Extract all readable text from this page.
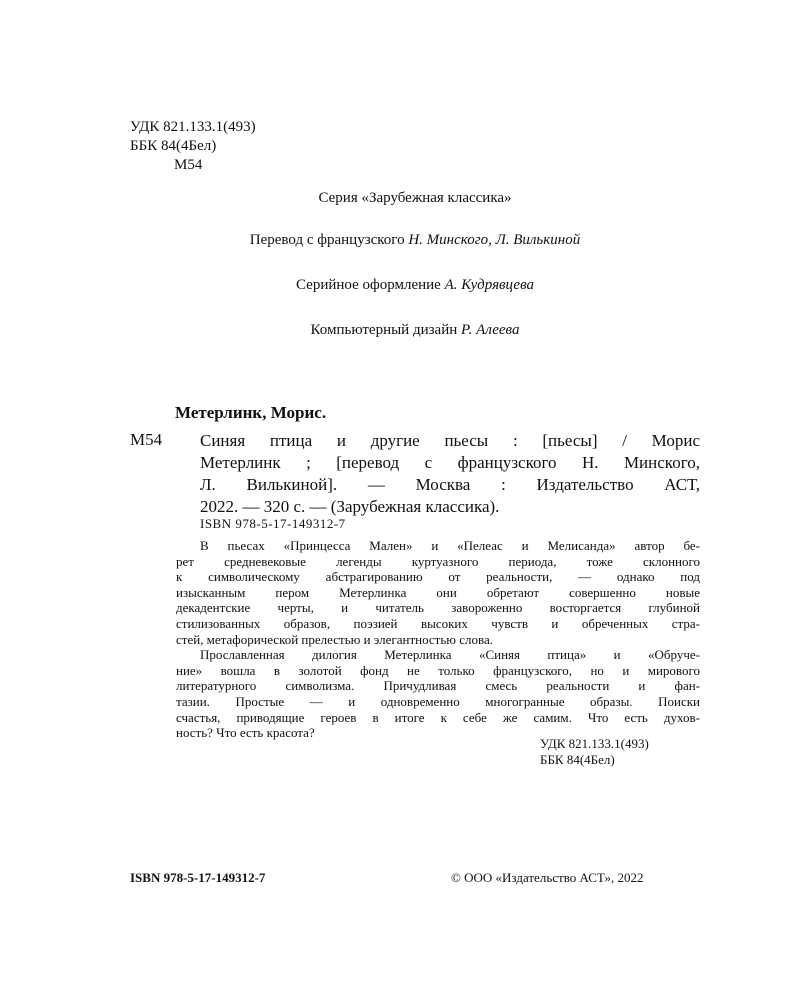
УДК 821.133.1(493)
ББК 84(4Бел)
М54
Серия «Зарубежная классика»
Перевод с французского Н. Минского, Л. Вилькиной
Серийное оформление А. Кудрявцева
Компьютерный дизайн Р. Алеева
Метерлинк, Морис.
М54 Синяя птица и другие пьесы : [пьесы] / Морис
Метерлинк ; [перевод с французского Н. Минского,
Л. Вилькиной]. — Москва : Издательство АСТ,
2022. — 320 с. — (Зарубежная классика).
ISBN 978-5-17-149312-7
В пьесах «Принцесса Мален» и «Пелеас и Мелисанда» автор бе-
рет средневековые легенды куртуазного периода, тоже склонного
к символическому абстрагированию от реальности, — однако под
изысканным пером Метерлинка они обретают совершенно новые
декадентские черты, и читатель завороженно восторгается глубиной
стилизованных образов, поэзией высоких чувств и обреченных стра-
стей, метафорической прелестью и элегантностью слова.
Прославленная дилогия Метерлинка «Синяя птица» и «Обруче-
ние» вошла в золотой фонд не только французского, но и мирового
литературного символизма. Причудливая смесь реальности и фан-
тазии. Простые — и одновременно многогранные образы. Поиски
счастья, приводящие героев в итоге к себе же самим. Что есть духов-
ность? Что есть красота?
УДК 821.133.1(493)
ББК 84(4Бел)
ISBN 978-5-17-149312-7	© ООО «Издательство АСТ», 2022
